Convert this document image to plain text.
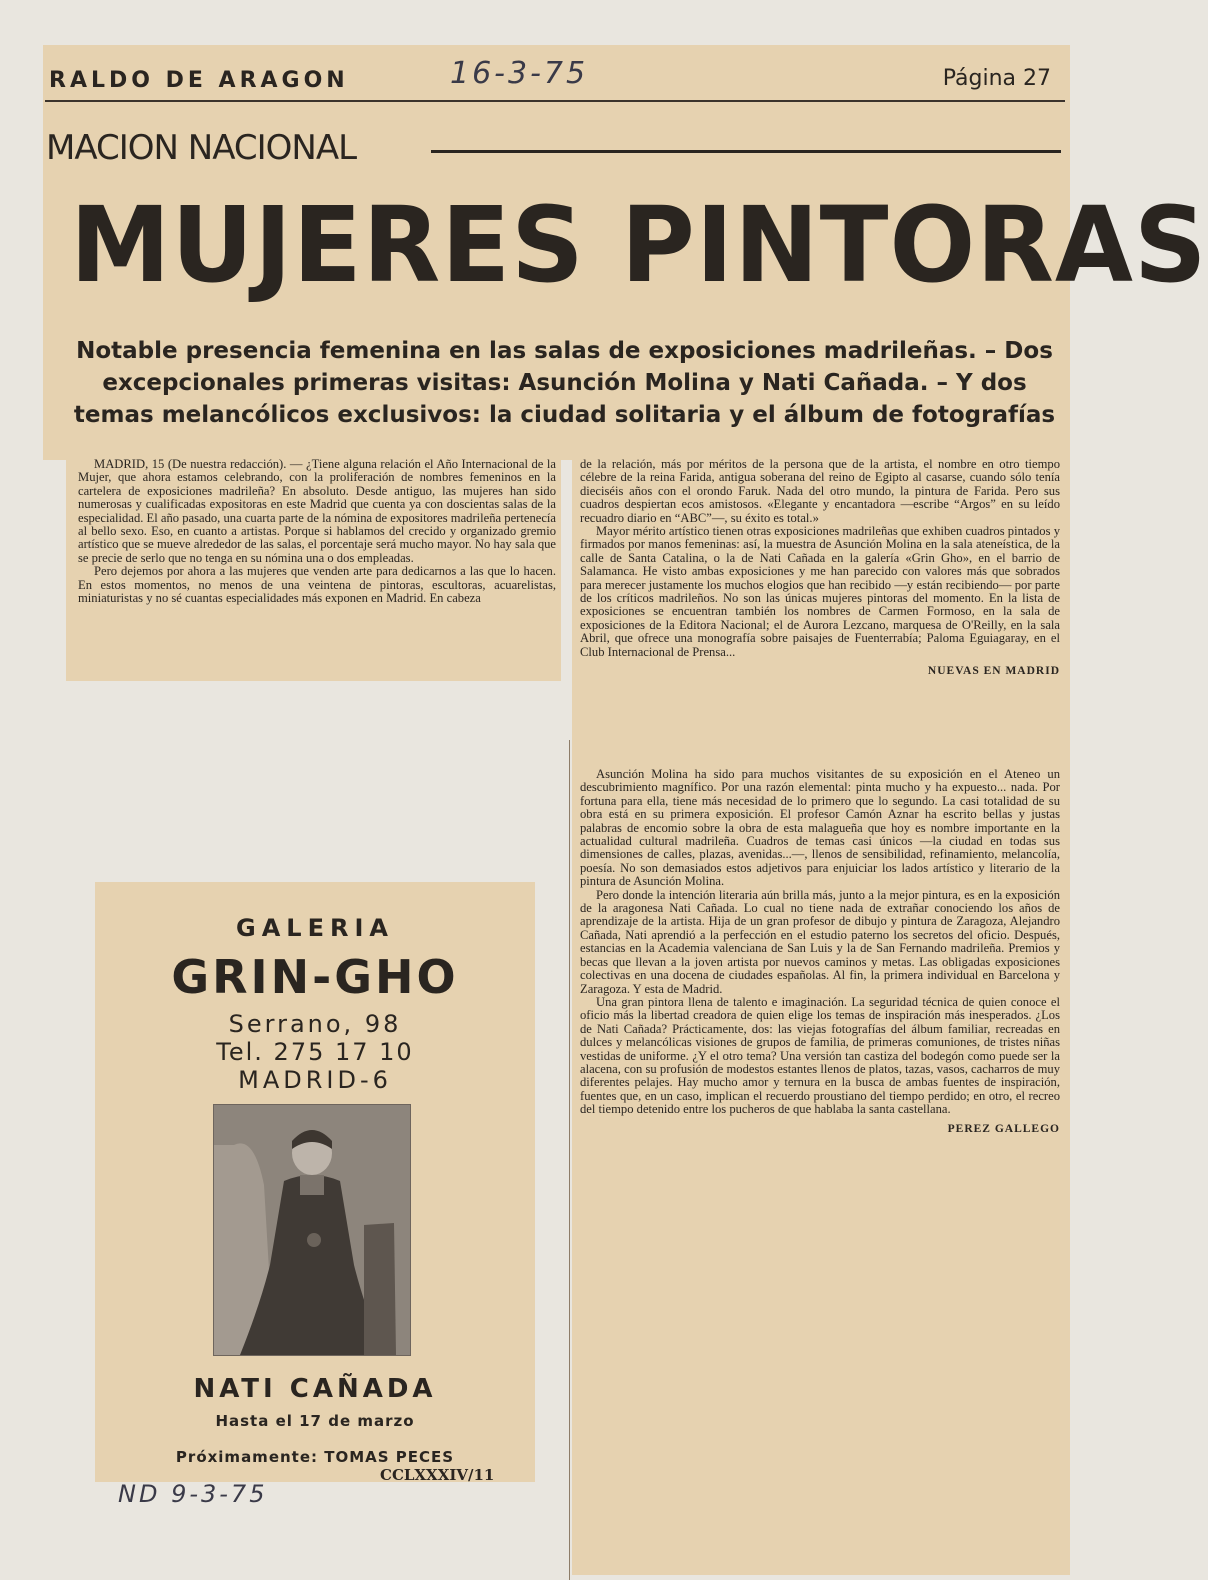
RALDO DE ARAGON	16-3-75	Página 27
MACION NACIONAL
MUJERES PINTORAS
Notable presencia femenina en las salas de exposiciones madrileñas. – Dos excepcionales primeras visitas: Asunción Molina y Nati Cañada. – Y dos temas melancólicos exclusivos: la ciudad solitaria y el álbum de fotografías

MADRID, 15 (De nuestra redacción). — ¿Tiene alguna relación el Año Internacional de la Mujer, que ahora estamos celebrando, con la proliferación de nombres femeninos en la cartelera de exposiciones madrileña? En absoluto. Desde antiguo, las mujeres han sido numerosas y cualificadas expositoras en este Madrid que cuenta ya con doscientas salas de la especialidad. El año pasado, una cuarta parte de la nómina de expositores madrileña pertenecía al bello sexo. Eso, en cuanto a artistas. Porque si hablamos del crecido y organizado gremio artístico que se mueve alrededor de las salas, el porcentaje será mucho mayor. No hay sala que se precie de serlo que no tenga en su nómina una o dos empleadas.

Pero dejemos por ahora a las mujeres que venden arte para dedicarnos a las que lo hacen. En estos momentos, no menos de una veintena de pintoras, escultoras, acuarelistas, miniaturistas y no sé cuantas especialidades más exponen en Madrid. En cabeza

de la relación, más por méritos de la persona que de la artista, el nombre en otro tiempo célebre de la reina Farida, antigua soberana del reino de Egipto al casarse, cuando sólo tenía dieciséis años con el orondo Faruk. Nada del otro mundo, la pintura de Farida. Pero sus cuadros despiertan ecos amistosos. «Elegante y encantadora —escribe “Argos” en su leído recuadro diario en “ABC”—, su éxito es total.»

Mayor mérito artístico tienen otras exposiciones madrileñas que exhiben cuadros pintados y firmados por manos femeninas: así, la muestra de Asunción Molina en la sala ateneística, de la calle de Santa Catalina, o la de Nati Cañada en la galería «Grin Gho», en el barrio de Salamanca. He visto ambas exposiciones y me han parecido con valores más que sobrados para merecer justamente los muchos elogios que han recibido —y están recibiendo— por parte de los críticos madrileños. No son las únicas mujeres pintoras del momento. En la lista de exposiciones se encuentran también los nombres de Carmen Formoso, en la sala de exposiciones de la Editora Nacional; el de Aurora Lezcano, marquesa de O'Reilly, en la sala Abril, que ofrece una monografía sobre paisajes de Fuenterrabía; Paloma Eguiagaray, en el Club Internacional de Prensa...

NUEVAS EN MADRID

Asunción Molina ha sido para muchos visitantes de su exposición en el Ateneo un descubrimiento magnífico. Por una razón elemental: pinta mucho y ha expuesto... nada. Por fortuna para ella, tiene más necesidad de lo primero que lo segundo. La casi totalidad de su obra está en su primera exposición. El profesor Camón Aznar ha escrito bellas y justas palabras de encomio sobre la obra de esta malagueña que hoy es nombre importante en la actualidad cultural madrileña. Cuadros de temas casi únicos —la ciudad en todas sus dimensiones de calles, plazas, avenidas...—, llenos de sensibilidad, refinamiento, melancolía, poesía. No son demasiados estos adjetivos para enjuiciar los lados artístico y literario de la pintura de Asunción Molina.

Pero donde la intención literaria aún brilla más, junto a la mejor pintura, es en la exposición de la aragonesa Nati Cañada. Lo cual no tiene nada de extrañar conociendo los años de aprendizaje de la artista. Hija de un gran profesor de dibujo y pintura de Zaragoza, Alejandro Cañada, Nati aprendió a la perfección en el estudio paterno los secretos del oficio. Después, estancias en la Academia valenciana de San Luis y la de San Fernando madrileña. Premios y becas que llevan a la joven artista por nuevos caminos y metas. Las obligadas exposiciones colectivas en una docena de ciudades españolas. Al fin, la primera individual en Barcelona y Zaragoza. Y esta de Madrid.

Una gran pintora llena de talento e imaginación. La seguridad técnica de quien conoce el oficio más la libertad creadora de quien elige los temas de inspiración más inesperados. ¿Los de Nati Cañada? Prácticamente, dos: las viejas fotografías del álbum familiar, recreadas en dulces y melancólicas visiones de grupos de familia, de primeras comuniones, de tristes niñas vestidas de uniforme. ¿Y el otro tema? Una versión tan castiza del bodegón como puede ser la alacena, con su profusión de modestos estantes llenos de platos, tazas, vasos, cacharros de muy diferentes pelajes. Hay mucho amor y ternura en la busca de ambas fuentes de inspiración, fuentes que, en un caso, implican el recuerdo proustiano del tiempo perdido; en otro, el recreo del tiempo detenido entre los pucheros de que hablaba la santa castellana.

PEREZ GALLEGO
GALERIA
GRIN-GHO
Serrano, 98
Tel. 275 17 10
MADRID-6
NATI CAÑADA
Hasta el 17 de marzo
Próximamente: TOMAS PECES
ND 9-3-75
CCLXXXIV/11
